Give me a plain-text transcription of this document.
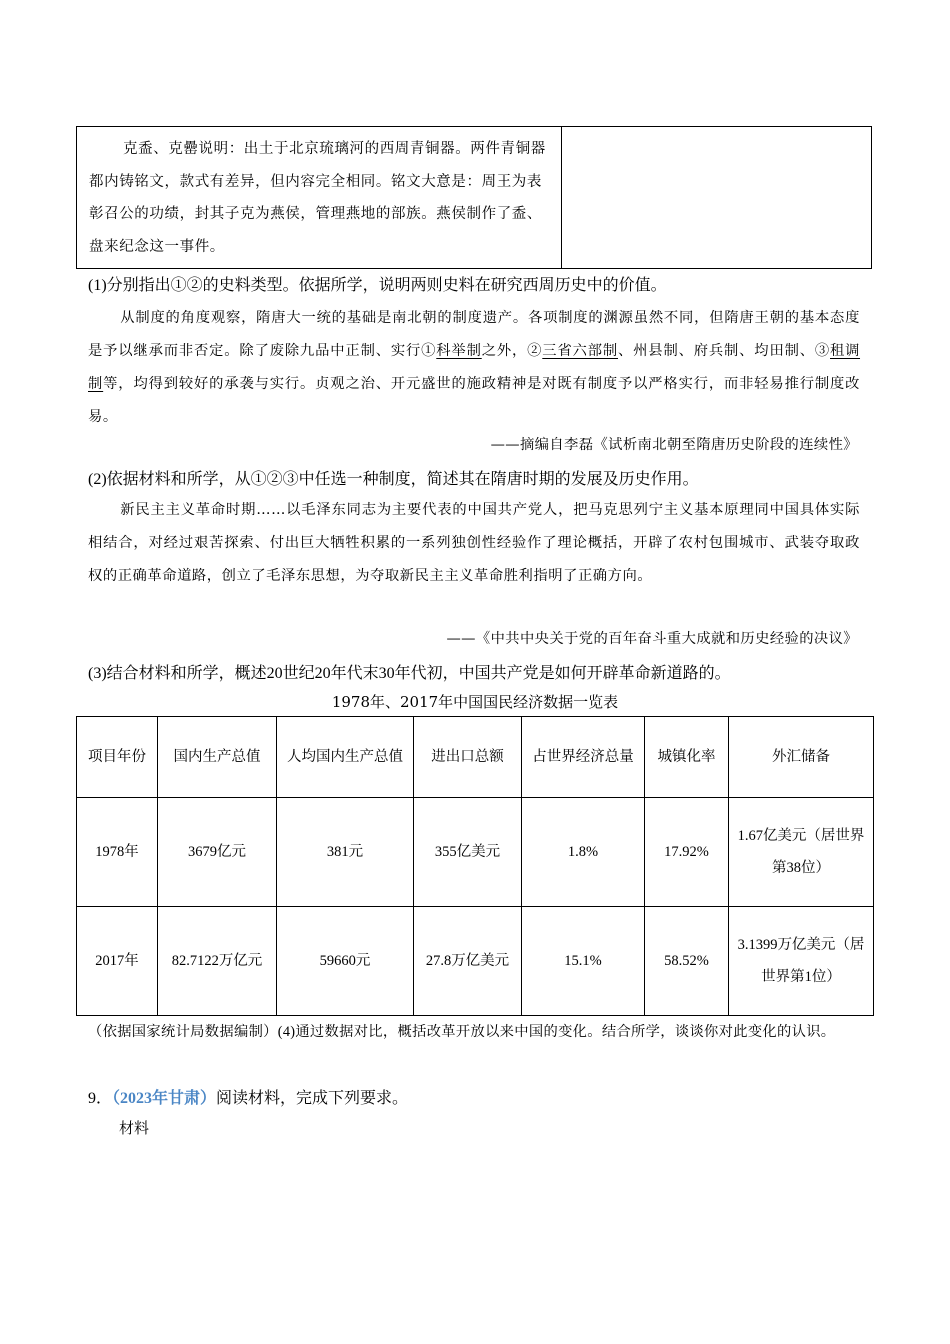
克盉、克罍说明：出土于北京琉璃河的西周青铜器。两件青铜器都内铸铭文，款式有差异，但内容完全相同。铭文大意是：周王为表彰召公的功绩，封其子克为燕侯，管理燕地的部族。燕侯制作了盉、盘来纪念这一事件。
(1)分别指出①②的史料类型。依据所学，说明两则史料在研究西周历史中的价值。
从制度的角度观察，隋唐大一统的基础是南北朝的制度遗产。各项制度的渊源虽然不同，但隋唐王朝的基本态度是予以继承而非否定。除了废除九品中正制、实行①科举制之外，②三省六部制、州县制、府兵制、均田制、③租调制等，均得到较好的承袭与实行。贞观之治、开元盛世的施政精神是对既有制度予以严格实行，而非轻易推行制度改易。
——摘编自李磊《试析南北朝至隋唐历史阶段的连续性》
(2)依据材料和所学，从①②③中任选一种制度，简述其在隋唐时期的发展及历史作用。
新民主主义革命时期……以毛泽东同志为主要代表的中国共产党人，把马克思列宁主义基本原理同中国具体实际相结合，对经过艰苦探索、付出巨大牺牲积累的一系列独创性经验作了理论概括，开辟了农村包围城市、武装夺取政权的正确革命道路，创立了毛泽东思想，为夺取新民主主义革命胜利指明了正确方向。
——《中共中央关于党的百年奋斗重大成就和历史经验的决议》
(3)结合材料和所学，概述20世纪20年代末30年代初，中国共产党是如何开辟革命新道路的。
1978年、2017年中国国民经济数据一览表
项目年份	国内生产总值	人均国内生产总值	进出口总额	占世界经济总量	城镇化率	外汇储备
1978年	3679亿元	381元	355亿美元	1.8%	17.92%	1.67亿美元（居世界第38位）
2017年	82.7122万亿元	59660元	27.8万亿美元	15.1%	58.52%	3.1399万亿美元（居世界第1位）
（依据国家统计局数据编制）(4)通过数据对比，概括改革开放以来中国的变化。结合所学，谈谈你对此变化的认识。
9．（2023年甘肃）阅读材料，完成下列要求。
材料
